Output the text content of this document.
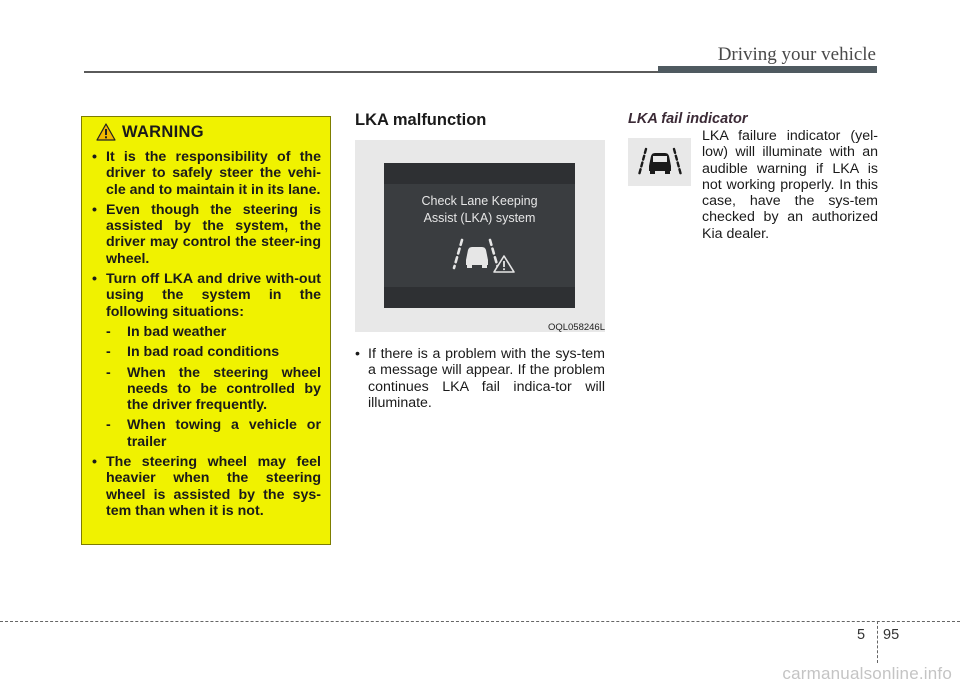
Driving your vehicle
WARNING
• It is the responsibility of the driver to safely steer the vehi-cle and to maintain it in its lane.
• Even though the steering is assisted by the system, the driver may control the steer-ing wheel.
• Turn off LKA and drive with-out using the system in the following situations:
- In bad weather
- In bad road conditions
- When the steering wheel needs to be controlled by the driver frequently.
- When towing a vehicle or trailer
• The steering wheel may feel heavier when the steering wheel is assisted by the sys-tem than when it is not.
LKA malfunction
Check Lane Keeping
Assist (LKA) system
OQL058246L
• If there is a problem with the sys-tem a message will appear. If the problem continues LKA fail indica-tor will illuminate.
LKA fail indicator
LKA failure indicator (yel-low) will illuminate with an audible warning if LKA is not working properly. In this case, have the sys-tem checked by an authorized Kia dealer.
5 95
carmanualsonline.info
